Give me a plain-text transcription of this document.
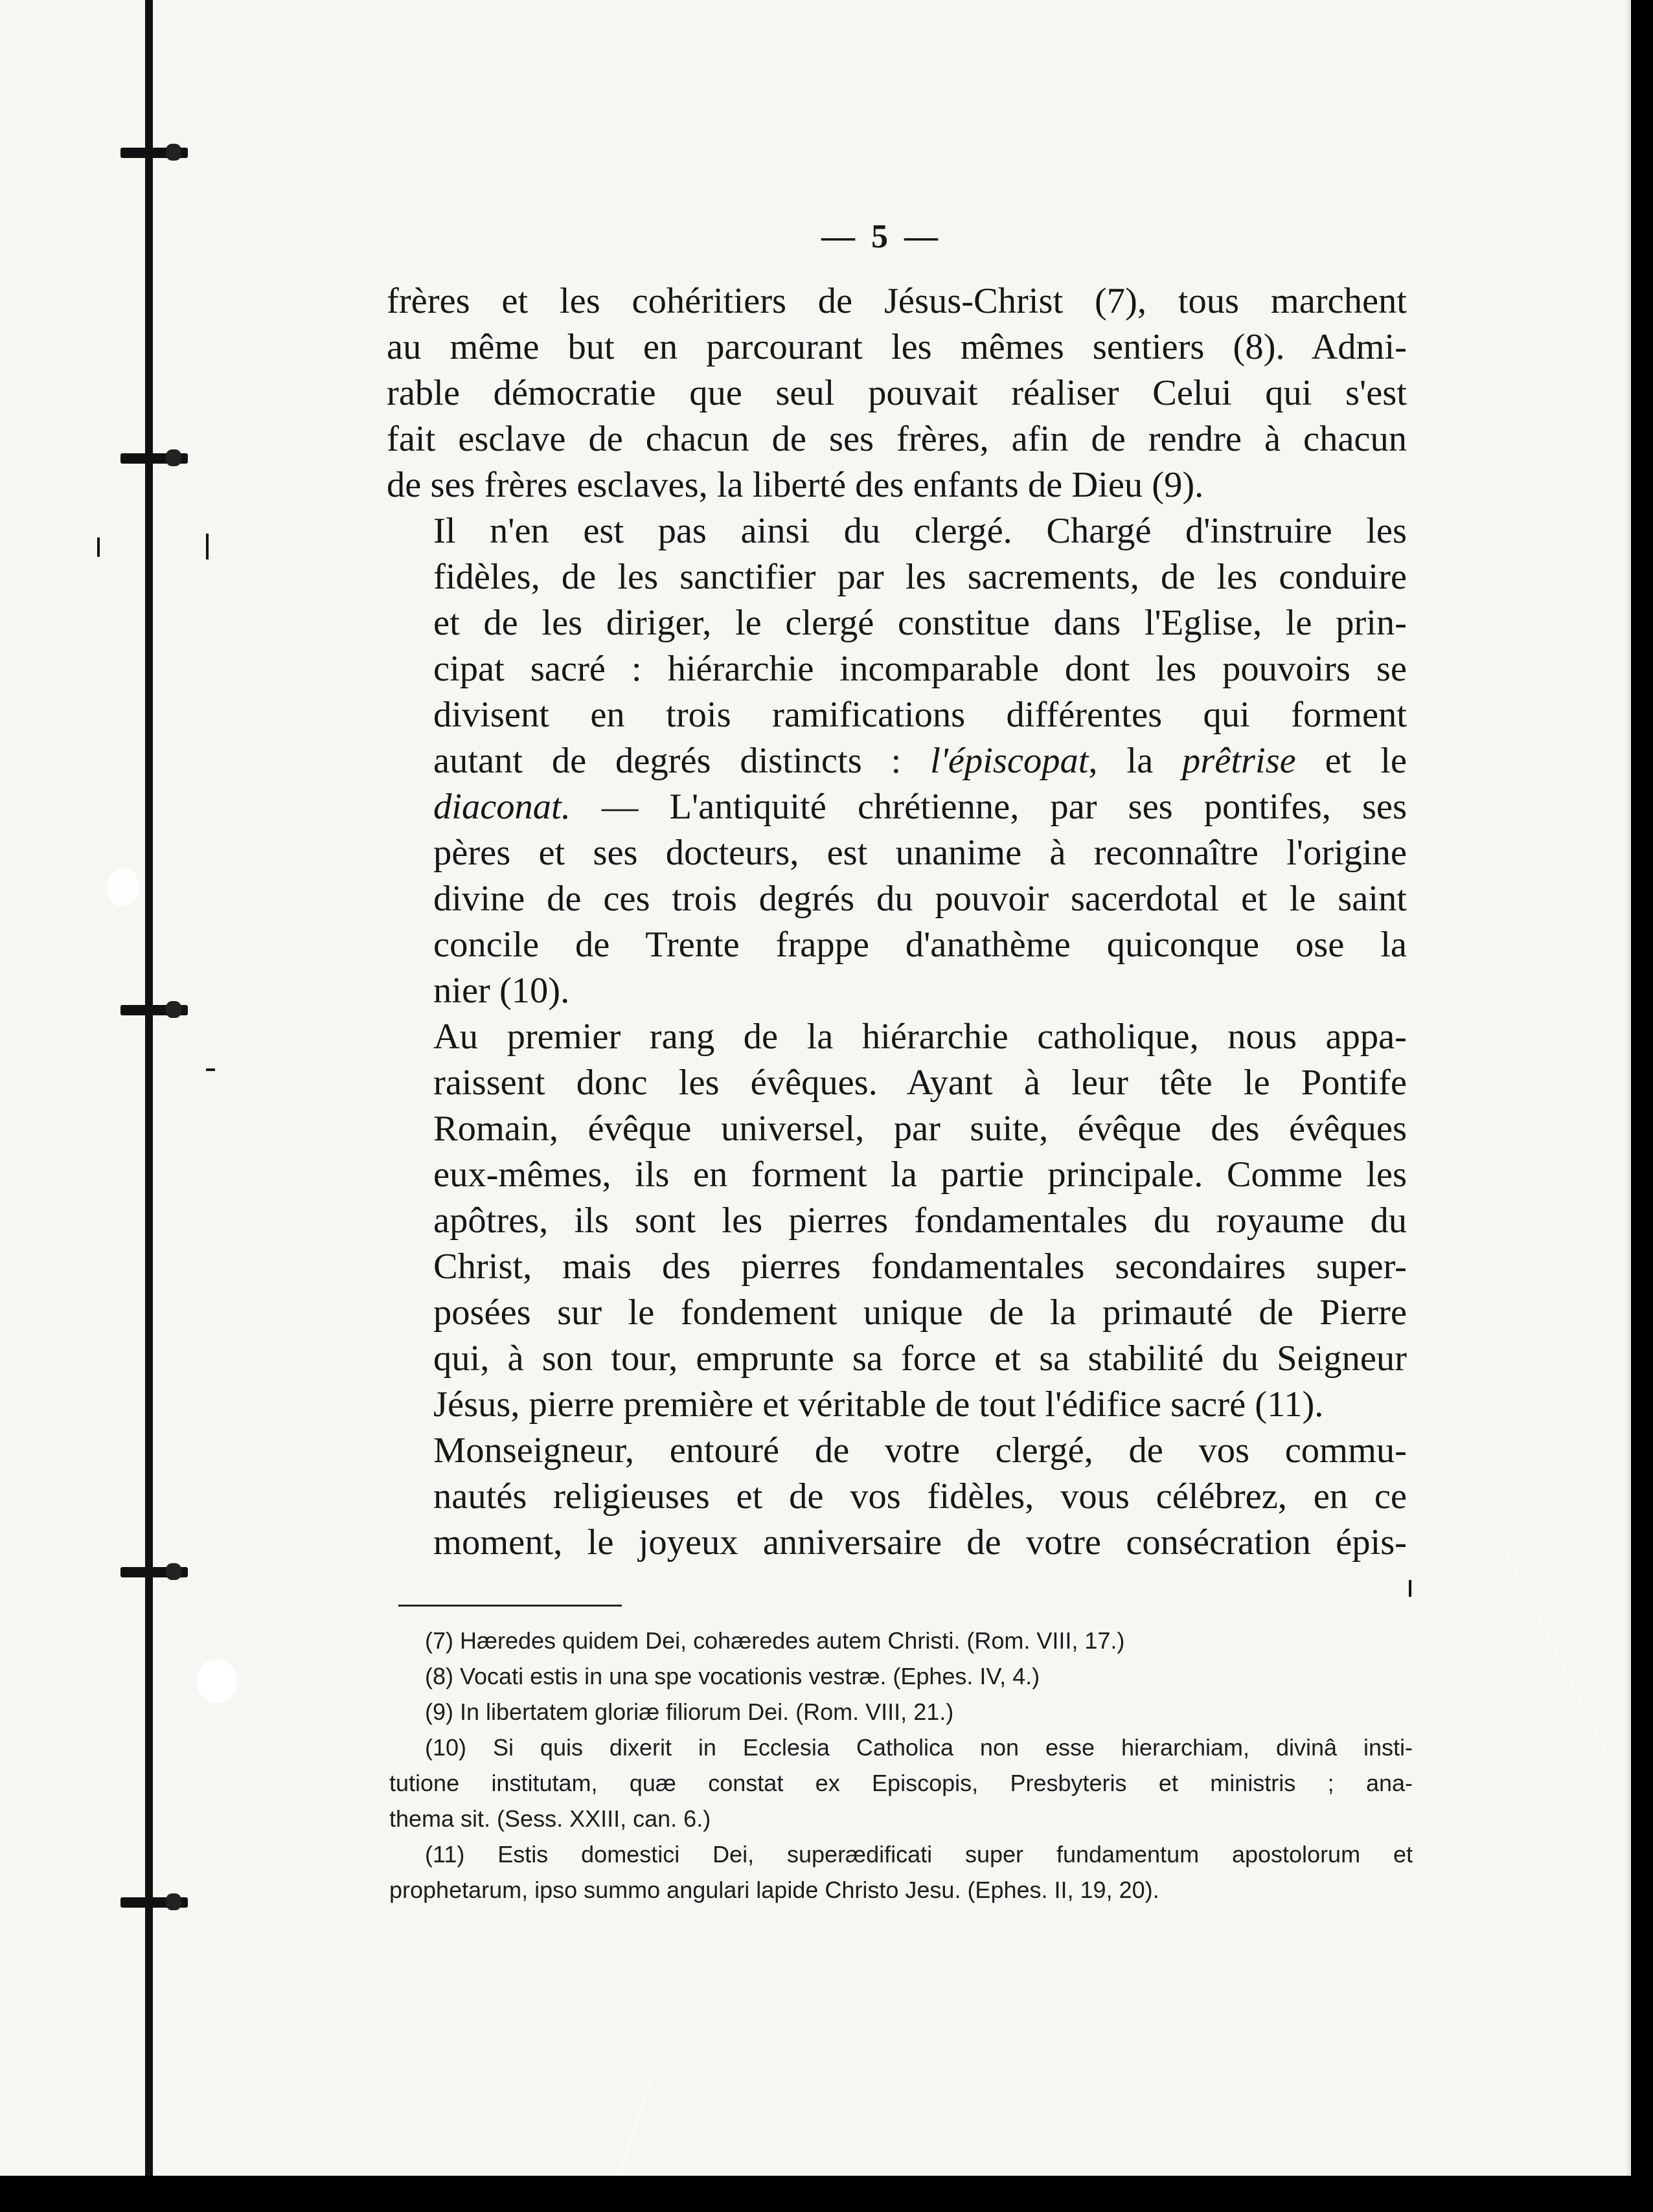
— 5 —

frères et les cohéritiers de Jésus-Christ (7), tous marchent
au même but en parcourant les mêmes sentiers (8). Admi-
rable démocratie que seul pouvait réaliser Celui qui s'est
fait esclave de chacun de ses frères, afin de rendre à chacun
de ses frères esclaves, la liberté des enfants de Dieu (9).

Il n'en est pas ainsi du clergé. Chargé d'instruire les
fidèles, de les sanctifier par les sacrements, de les conduire
et de les diriger, le clergé constitue dans l'Eglise, le prin-
cipat sacré : hiérarchie incomparable dont les pouvoirs se
divisent en trois ramifications différentes qui forment
autant de degrés distincts : l'épiscopat, la prêtrise et le
diaconat. — L'antiquité chrétienne, par ses pontifes, ses
pères et ses docteurs, est unanime à reconnaître l'origine
divine de ces trois degrés du pouvoir sacerdotal et le saint
concile de Trente frappe d'anathème quiconque ose la
nier (10).

Au premier rang de la hiérarchie catholique, nous appa-
raissent donc les évêques. Ayant à leur tête le Pontife
Romain, évêque universel, par suite, évêque des évêques
eux-mêmes, ils en forment la partie principale. Comme les
apôtres, ils sont les pierres fondamentales du royaume du
Christ, mais des pierres fondamentales secondaires super-
posées sur le fondement unique de la primauté de Pierre
qui, à son tour, emprunte sa force et sa stabilité du Seigneur
Jésus, pierre première et véritable de tout l'édifice sacré (11).

Monseigneur, entouré de votre clergé, de vos commu-
nautés religieuses et de vos fidèles, vous célébrez, en ce
moment, le joyeux anniversaire de votre consécration épis-

(7) Hæredes quidem Dei, cohæredes autem Christi. (Rom. VIII, 17.)
(8) Vocati estis in una spe vocationis vestræ. (Ephes. IV, 4.)
(9) In libertatem gloriæ filiorum Dei. (Rom. VIII, 21.)
(10) Si quis dixerit in Ecclesia Catholica non esse hierarchiam, divinâ insti-
tutione institutam, quæ constat ex Episcopis, Presbyteris et ministris ; ana-
thema sit. (Sess. XXIII, can. 6.)
(11) Estis domestici Dei, superædificati super fundamentum apostolorum et
prophetarum, ipso summo angulari lapide Christo Jesu. (Ephes. II, 19, 20).
